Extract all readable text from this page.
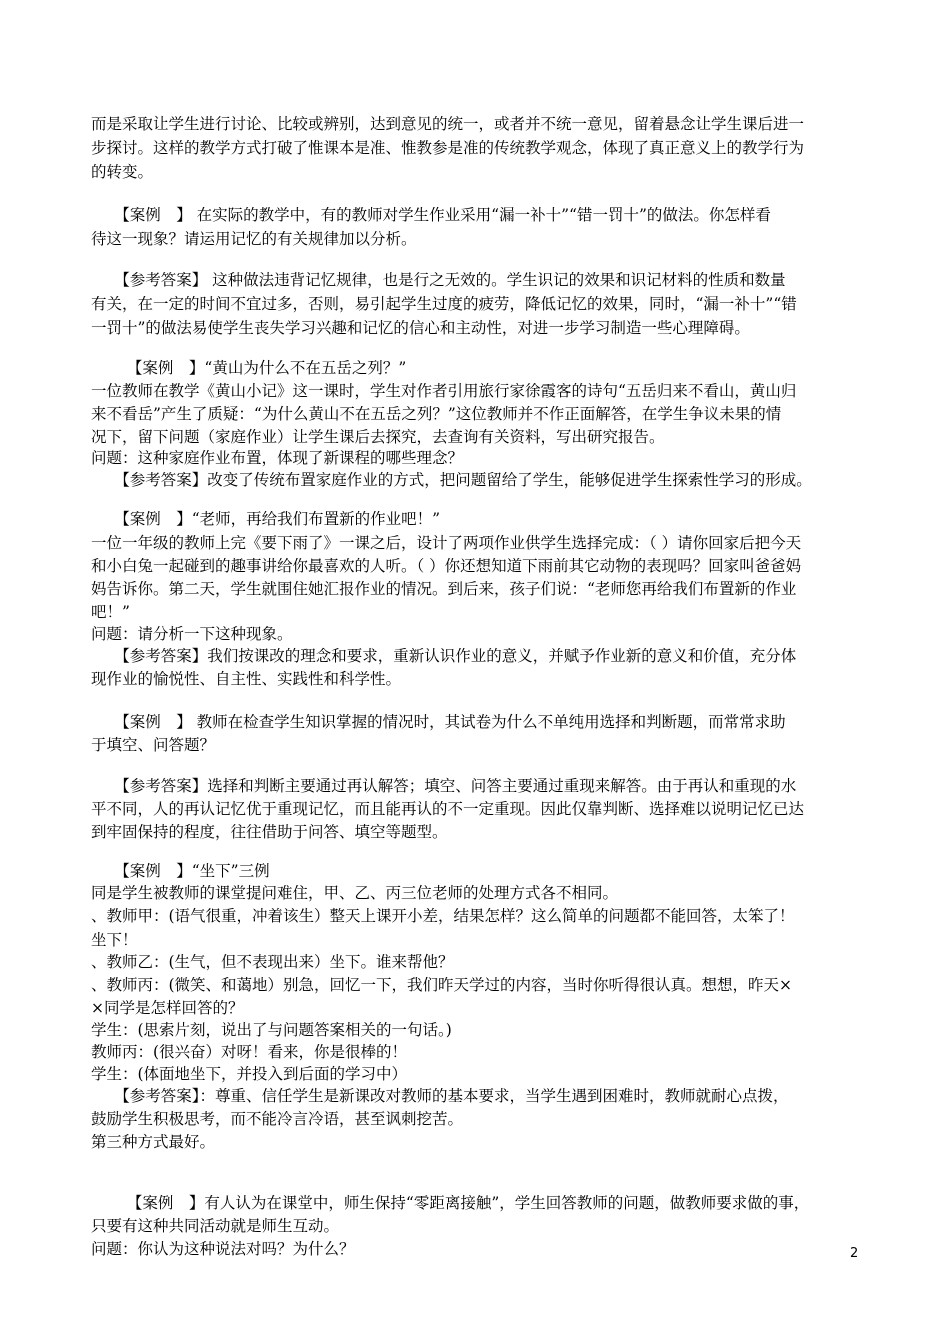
而是采取让学生进行讨论、比较或辨别，达到意见的统一，或者并不统一意见，留着悬念让学生课后进一
步探讨。这样的教学方式打破了惟课本是准、惟教参是准的传统教学观念，体现了真正意义上的教学行为
的转变。
　　【案例　】 在实际的教学中，有的教师对学生作业采用“漏一补十”“错一罚十”的做法。你怎样看
待这一现象？请运用记忆的有关规律加以分析。
　　【参考答案】 这种做法违背记忆规律，也是行之无效的。学生识记的效果和识记材料的性质和数量
有关，在一定的时间不宜过多，否则，易引起学生过度的疲劳，降低记忆的效果，同时，“漏一补十”“错
一罚十”的做法易使学生丧失学习兴趣和记忆的信心和主动性，对进一步学习制造一些心理障碍。
　　 【案例　】“黄山为什么不在五岳之列？”
一位教师在教学《黄山小记》这一课时，学生对作者引用旅行家徐霞客的诗句“五岳归来不看山，黄山归
来不看岳”产生了质疑：“为什么黄山不在五岳之列？”这位教师并不作正面解答，在学生争议未果的情
况下，留下问题（家庭作业）让学生课后去探究，去查询有关资料，写出研究报告。
问题：这种家庭作业布置，体现了新课程的哪些理念？
　　【参考答案】改变了传统布置家庭作业的方式，把问题留给了学生，能够促进学生探索性学习的形成。
　　【案例　】“老师，再给我们布置新的作业吧！”
一位一年级的教师上完《要下雨了》一课之后，设计了两项作业供学生选择完成：（ ）请你回家后把今天
和小白兔一起碰到的趣事讲给你最喜欢的人听。（ ）你还想知道下雨前其它动物的表现吗？回家叫爸爸妈
妈告诉你。第二天，学生就围住她汇报作业的情况。到后来，孩子们说：“老师您再给我们布置新的作业
吧！”
问题：请分析一下这种现象。
　　【参考答案】我们按课改的理念和要求，重新认识作业的意义，并赋予作业新的意义和价值，充分体
现作业的愉悦性、自主性、实践性和科学性。
　　【案例　】 教师在检查学生知识掌握的情况时，其试卷为什么不单纯用选择和判断题，而常常求助
于填空、问答题？
　　【参考答案】选择和判断主要通过再认解答；填空、问答主要通过重现来解答。由于再认和重现的水
平不同，人的再认记忆优于重现记忆，而且能再认的不一定重现。因此仅靠判断、选择难以说明记忆已达
到牢固保持的程度，往往借助于问答、填空等题型。
　　【案例　】“坐下”三例
同是学生被教师的课堂提问难住，甲、乙、丙三位老师的处理方式各不相同。
、教师甲：(语气很重，冲着该生）整天上课开小差，结果怎样？这么简单的问题都不能回答，太笨了！
坐下！
、教师乙：(生气，但不表现出来）坐下。谁来帮他？
、教师丙：(微笑、和蔼地）别急，回忆一下，我们昨天学过的内容，当时你听得很认真。想想，昨天×
×同学是怎样回答的？
学生：(思索片刻，说出了与问题答案相关的一句话。)
教师丙：(很兴奋）对呀！看来，你是很棒的！
学生：(体面地坐下，并投入到后面的学习中）
　　【参考答案】：尊重、信任学生是新课改对教师的基本要求，当学生遇到困难时，教师就耐心点拨，
鼓励学生积极思考，而不能冷言冷语，甚至讽刺挖苦。
第三种方式最好。
　　 【案例　】有人认为在课堂中，师生保持“零距离接触”，学生回答教师的问题，做教师要求做的事，
只要有这种共同活动就是师生互动。
问题：你认为这种说法对吗？为什么？	2
